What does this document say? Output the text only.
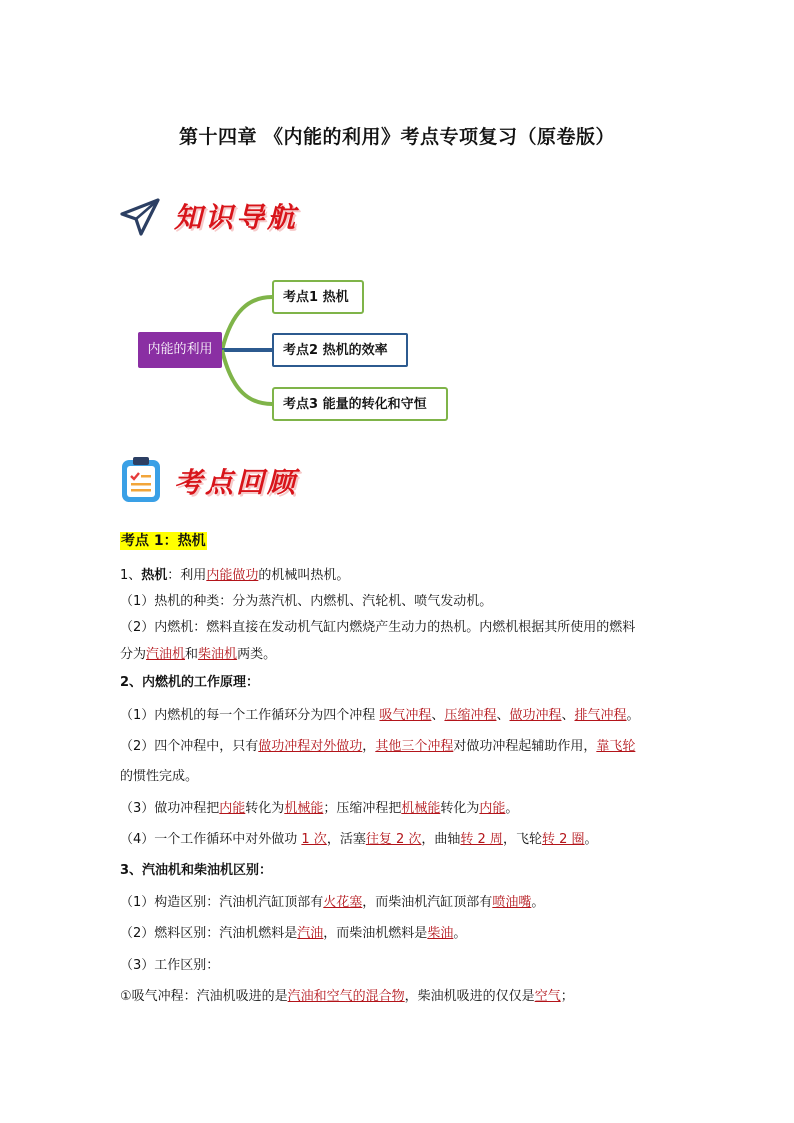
第十四章 《内能的利用》考点专项复习（原卷版）
知识导航
内能的利用
考点1 热机
考点2 热机的效率
考点3 能量的转化和守恒
考点回顾
考点 1：热机
1、热机：利用内能做功的机械叫热机。
（1）热机的种类：分为蒸汽机、内燃机、汽轮机、喷气发动机。
（2）内燃机：燃料直接在发动机气缸内燃烧产生动力的热机。内燃机根据其所使用的燃料
分为汽油机和柴油机两类。
2、内燃机的工作原理：
（1）内燃机的每一个工作循环分为四个冲程 吸气冲程、压缩冲程、做功冲程、排气冲程。
（2）四个冲程中，只有做功冲程对外做功，其他三个冲程对做功冲程起辅助作用，靠飞轮
的惯性完成。
（3）做功冲程把内能转化为机械能；压缩冲程把机械能转化为内能。
（4）一个工作循环中对外做功 1 次，活塞往复 2 次，曲轴转 2 周，飞轮转 2 圈。
3、汽油机和柴油机区别：
（1）构造区别：汽油机汽缸顶部有火花塞，而柴油机汽缸顶部有喷油嘴。
（2）燃料区别：汽油机燃料是汽油，而柴油机燃料是柴油。
（3）工作区别：
①吸气冲程：汽油机吸进的是汽油和空气的混合物，柴油机吸进的仅仅是空气；
